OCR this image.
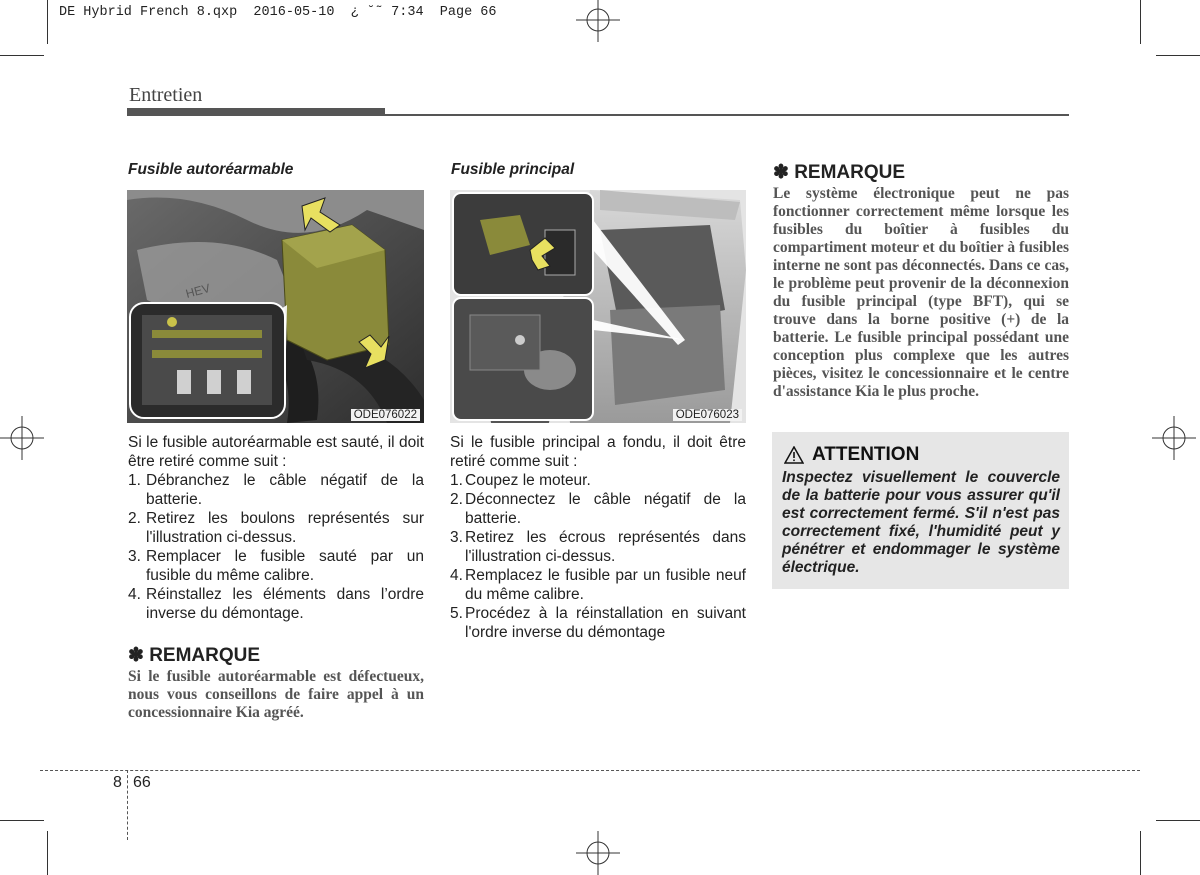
DE Hybrid French 8.qxp  2016-05-10  ¿ ˘˜ 7:34  Page 66
Entretien
Fusible autoréarmable
HEV
ODE076022
Si le fusible autoréarmable est sauté, il doit être retiré comme suit :
1. Débranchez le câble négatif de la batterie.
2. Retirez les boulons représentés sur l'illustration ci-dessus.
3. Remplacer le fusible sauté par un fusible du même calibre.
4. Réinstallez les éléments dans l’ordre inverse du démontage.
✽ REMARQUE
Si le fusible autoréarmable est défectueux, nous vous conseillons de faire appel à un concessionnaire Kia agréé.
Fusible principal
ODE076023
Si le fusible principal a fondu, il doit être retiré comme suit :
1. Coupez le moteur.
2. Déconnectez le câble négatif de la batterie.
3. Retirez les écrous représentés dans l'illustration ci-dessus.
4. Remplacez le fusible par un fusible neuf du même calibre.
5. Procédez à la réinstallation en suivant l'ordre inverse du démontage
✽ REMARQUE
Le système électronique peut ne pas fonctionner correctement même lorsque les fusibles du boîtier à fusibles du compartiment moteur et du boîtier à fusibles interne ne sont pas déconnectés. Dans ce cas, le problème peut provenir de la déconnexion du fusible principal (type BFT), qui se trouve dans la borne positive (+) de la batterie. Le fusible principal possédant une conception plus complexe que les autres pièces, visitez le concessionnaire et le centre d'assistance Kia le plus proche.
ATTENTION
Inspectez visuellement le couvercle de la batterie pour vous assurer qu'il est correctement fermé. S'il n'est pas correctement fixé, l'humidité peut y pénétrer et endommager le système électrique.
8 66
